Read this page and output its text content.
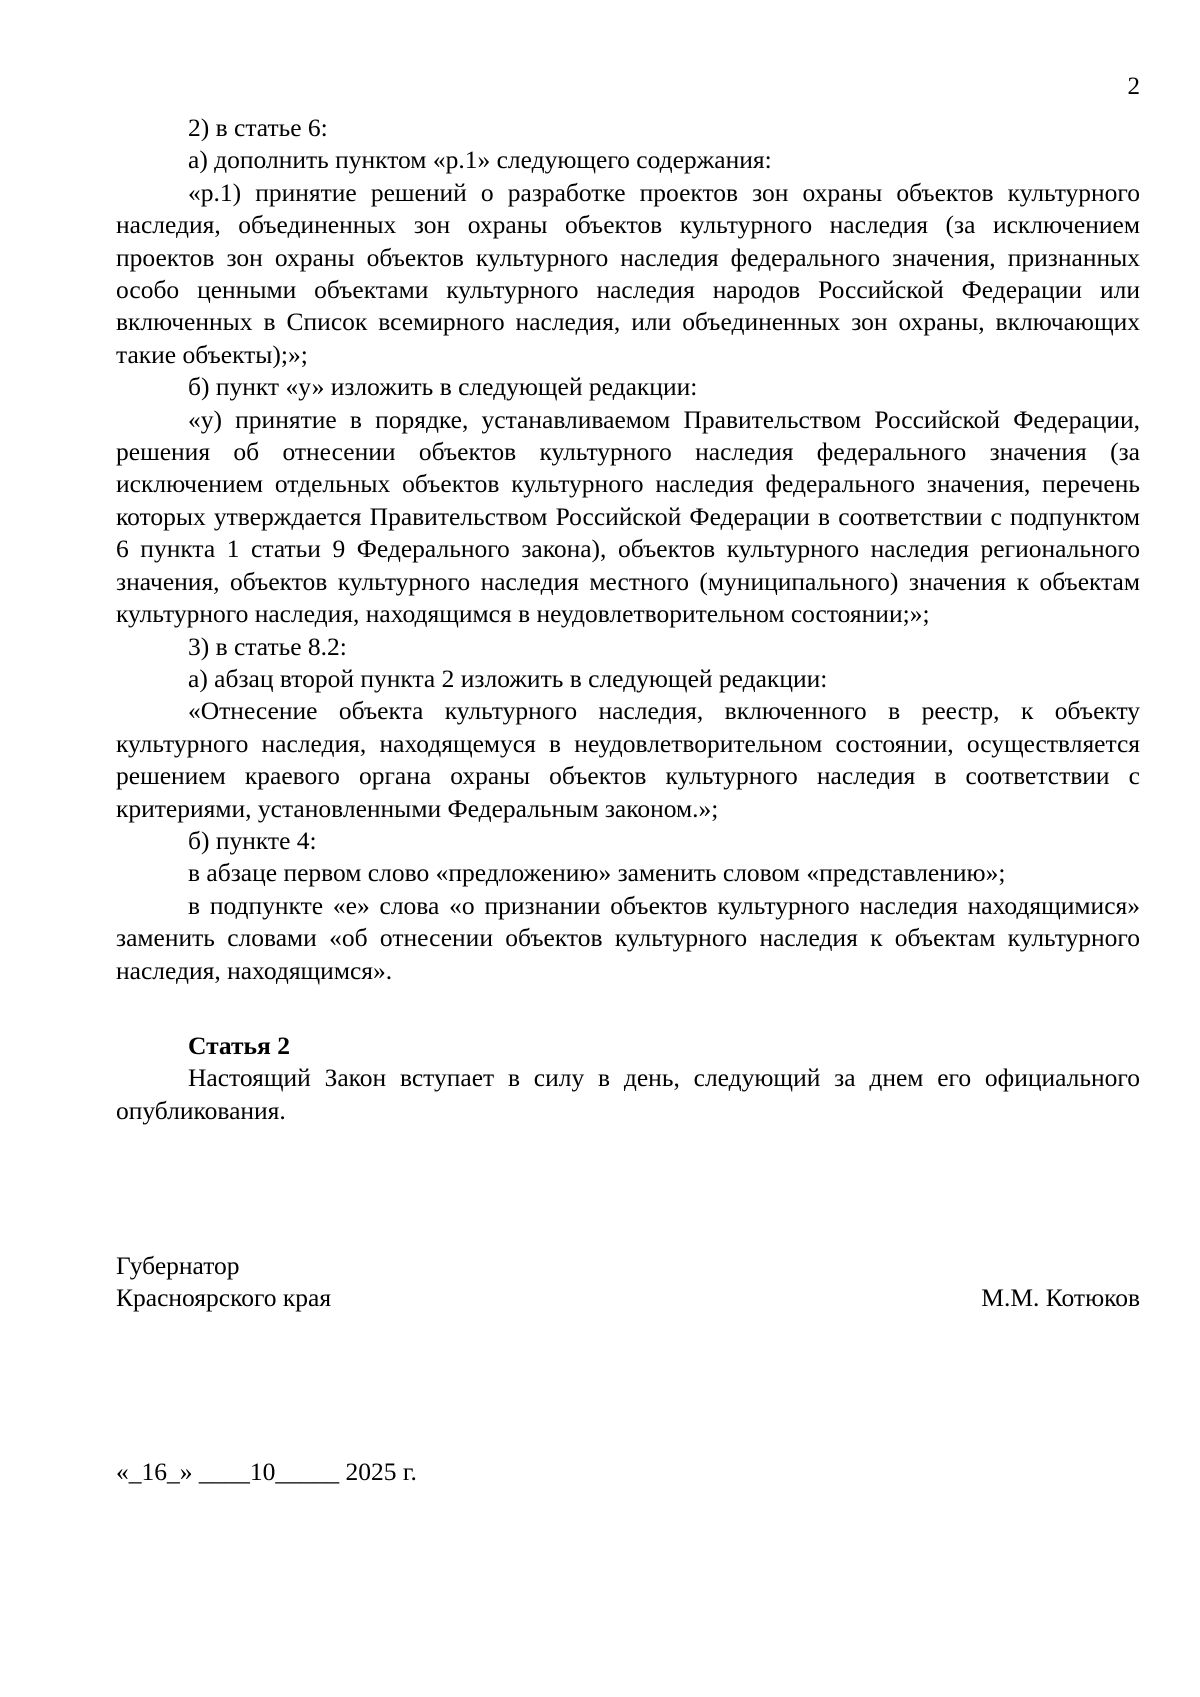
2

2) в статье 6:

а) дополнить пунктом «р.1» следующего содержания:

«р.1) принятие решений о разработке проектов зон охраны объектов культурного наследия, объединенных зон охраны объектов культурного наследия (за исключением проектов зон охраны объектов культурного наследия федерального значения, признанных особо ценными объектами культурного наследия народов Российской Федерации или включенных в Список всемирного наследия, или объединенных зон охраны, включающих такие объекты);»;

б) пункт «у» изложить в следующей редакции:

«у) принятие в порядке, устанавливаемом Правительством Российской Федерации, решения об отнесении объектов культурного наследия федерального значения (за исключением отдельных объектов культурного наследия федерального значения, перечень которых утверждается Правительством Российской Федерации в соответствии с подпунктом 6 пункта 1 статьи 9 Федерального закона), объектов культурного наследия регионального значения, объектов культурного наследия местного (муниципального) значения к объектам культурного наследия, находящимся в неудовлетворительном состоянии;»;

3) в статье 8.2:

а) абзац второй пункта 2 изложить в следующей редакции:

«Отнесение объекта культурного наследия, включенного в реестр, к объекту культурного наследия, находящемуся в неудовлетворительном состоянии, осуществляется решением краевого органа охраны объектов культурного наследия в соответствии с критериями, установленными Федеральным законом.»;

б) пункте 4:

в абзаце первом слово «предложению» заменить словом «представлению»;

в подпункте «е» слова «о признании объектов культурного наследия находящимися» заменить словами «об отнесении объектов культурного наследия к объектам культурного наследия, находящимся».

Статья 2

Настоящий Закон вступает в силу в день, следующий за днем его официального опубликования.

Губернатор
Красноярского края	М.М. Котюков
«_16_» ____10_____ 2025 г.
